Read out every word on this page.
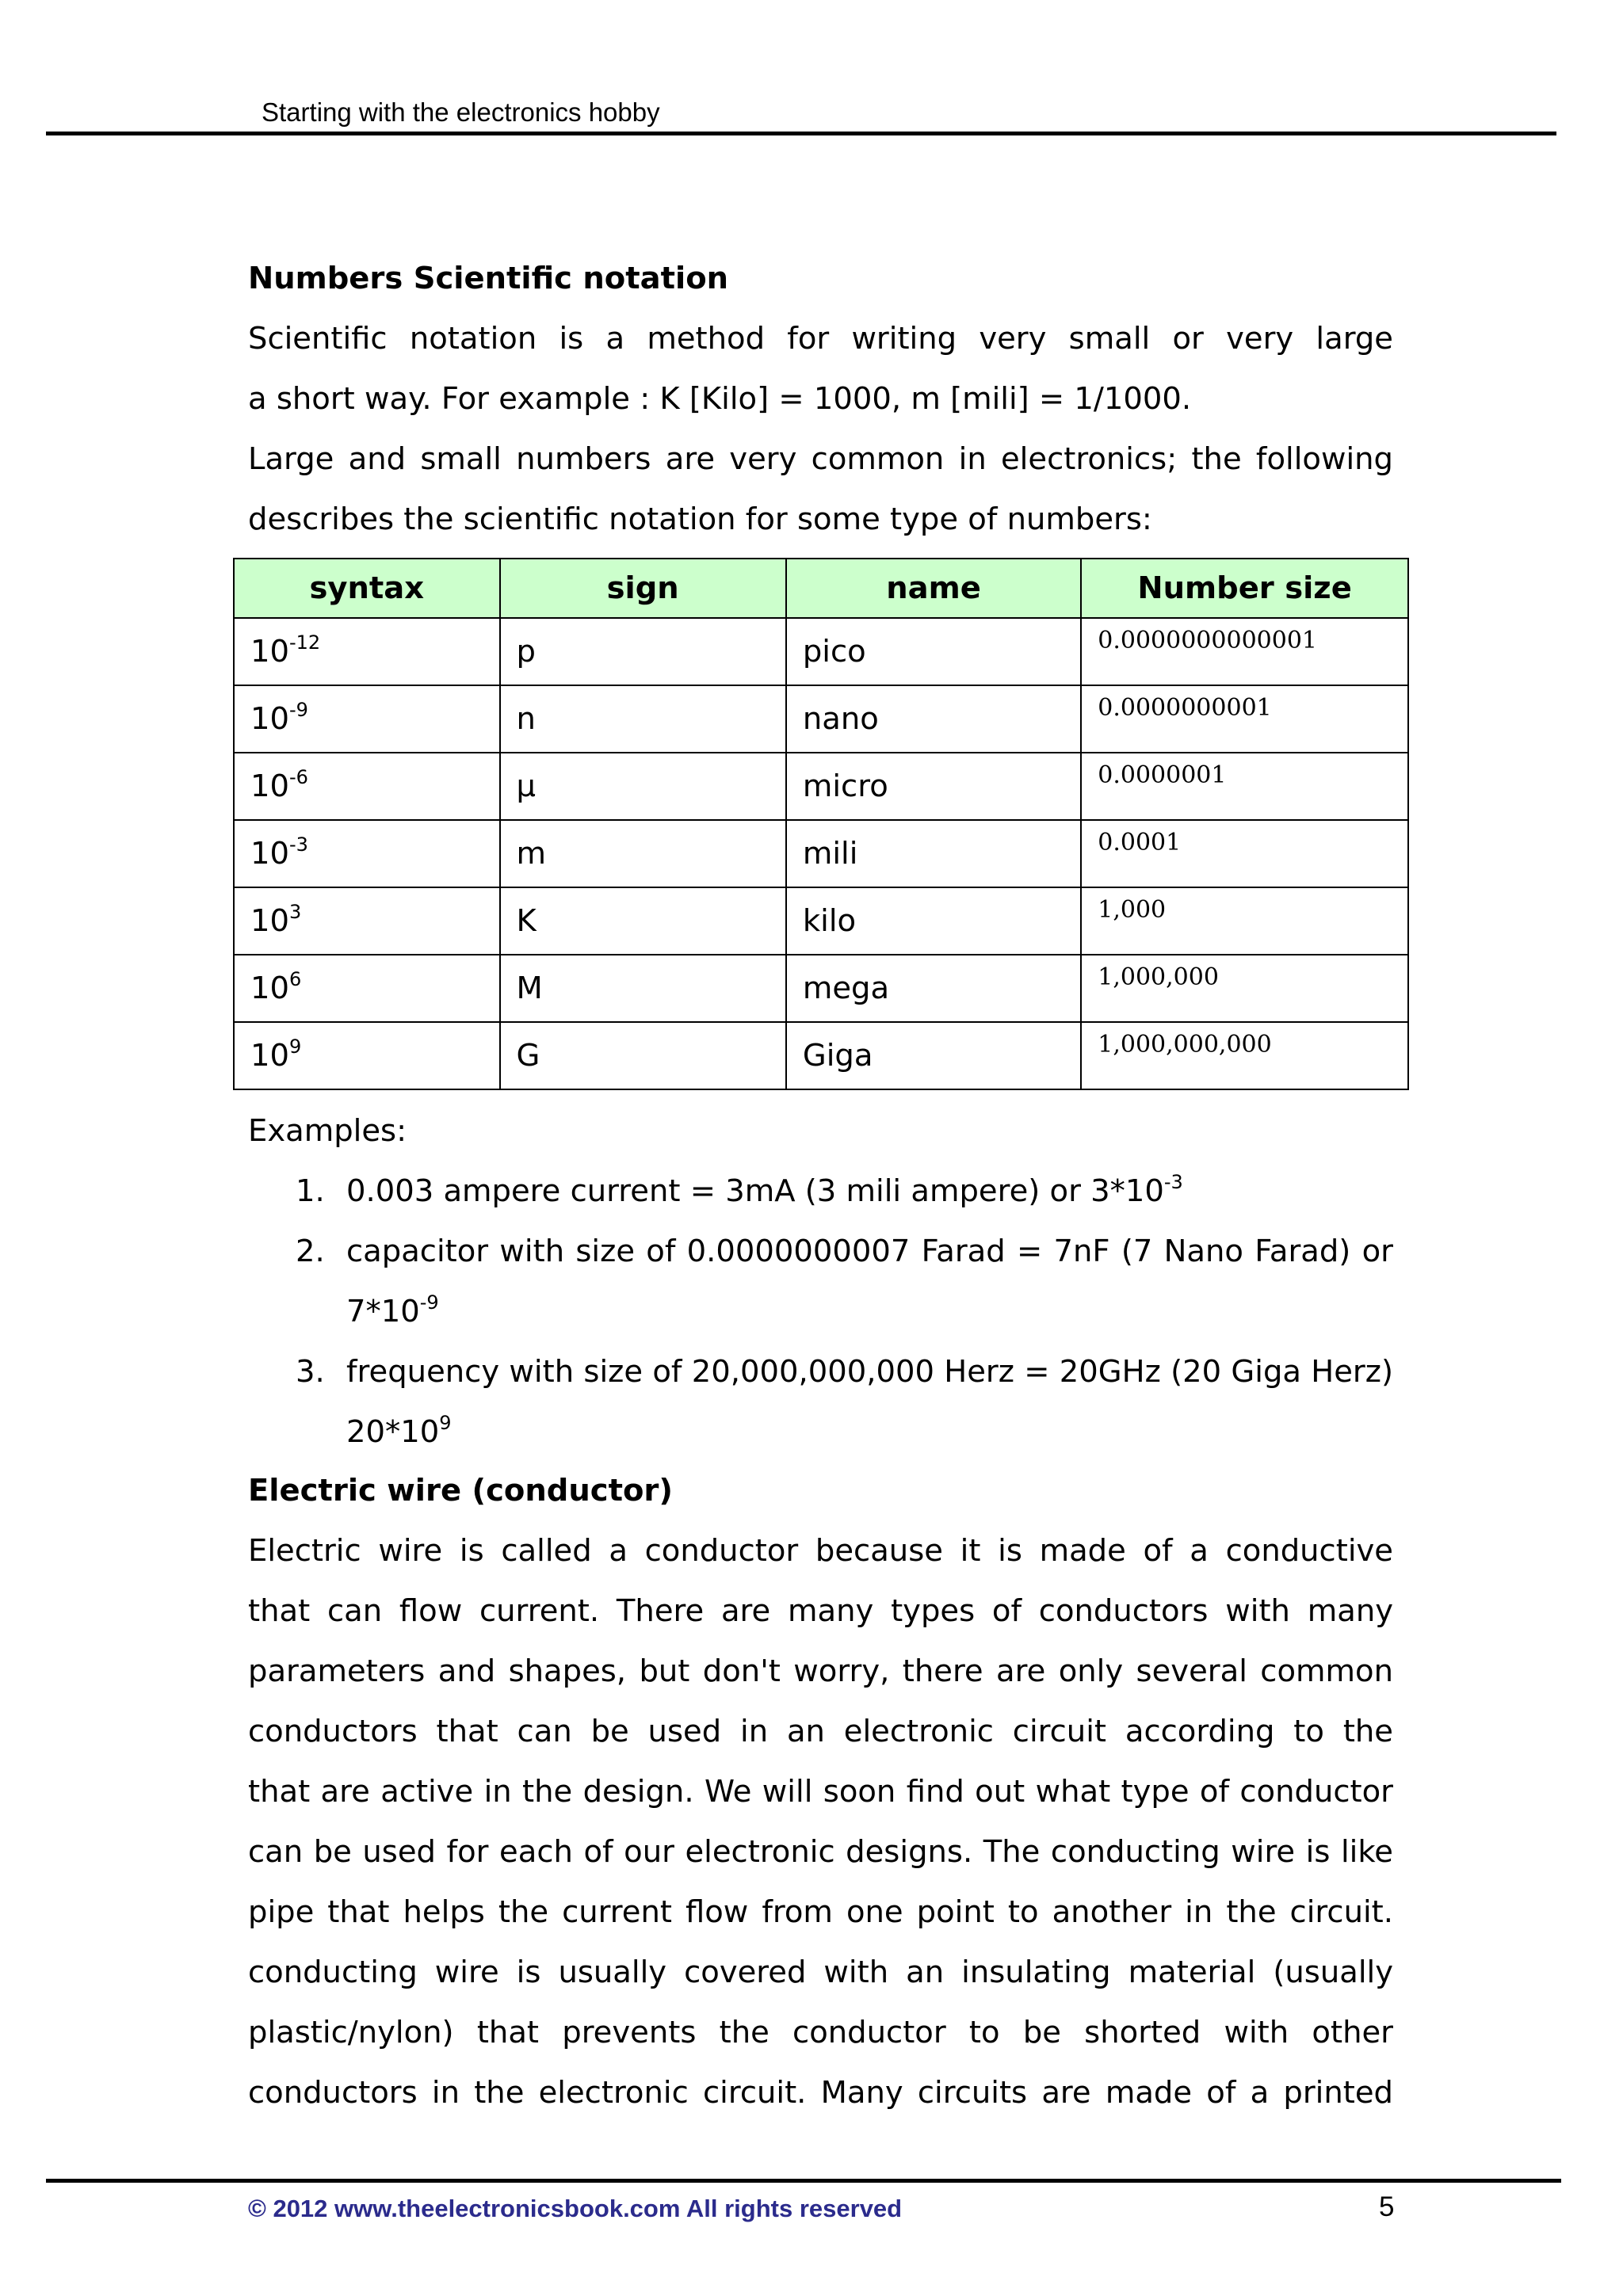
Starting with the electronics hobby
Numbers Scientific notation
Scientific notation is a method for writing very small or very large
a short way. For example : K [Kilo] = 1000, m [mili] = 1/1000.
Large and small numbers are very common in electronics; the following
describes the scientific notation for some type of numbers:
syntax	sign	name	Number size
$10^{-12}$	p	pico	0.0000000000001
$10^{-9}$	n	nano	0.0000000001
$10^{-6}$	µ	micro	0.0000001
$10^{-3}$	m	mili	0.0001
$10^3$	K	kilo	1,000
$10^6$	M	mega	1,000,000
$10^9$	G	Giga	1,000,000,000
Examples:
1. 0.003 ampere current = 3mA (3 mili ampere) or $3*10^{-3}$
2. capacitor with size of 0.0000000007 Farad = 7nF (7 Nano Farad) or
$7*10^{-9}$
3. frequency with size of 20,000,000,000 Herz = 20GHz (20 Giga Herz)
$20*10^9$
Electric wire (conductor)
Electric wire is called a conductor because it is made of a conductive
that can flow current. There are many types of conductors with many
parameters and shapes, but don't worry, there are only several common
conductors that can be used in an electronic circuit according to the
that are active in the design. We will soon find out what type of conductor
can be used for each of our electronic designs. The conducting wire is like
pipe that helps the current flow from one point to another in the circuit.
conducting wire is usually covered with an insulating material (usually
plastic/nylon) that prevents the conductor to be shorted with other
conductors in the electronic circuit. Many circuits are made of a printed
© 2012 www.theelectronicsbook.com All rights reserved	5
